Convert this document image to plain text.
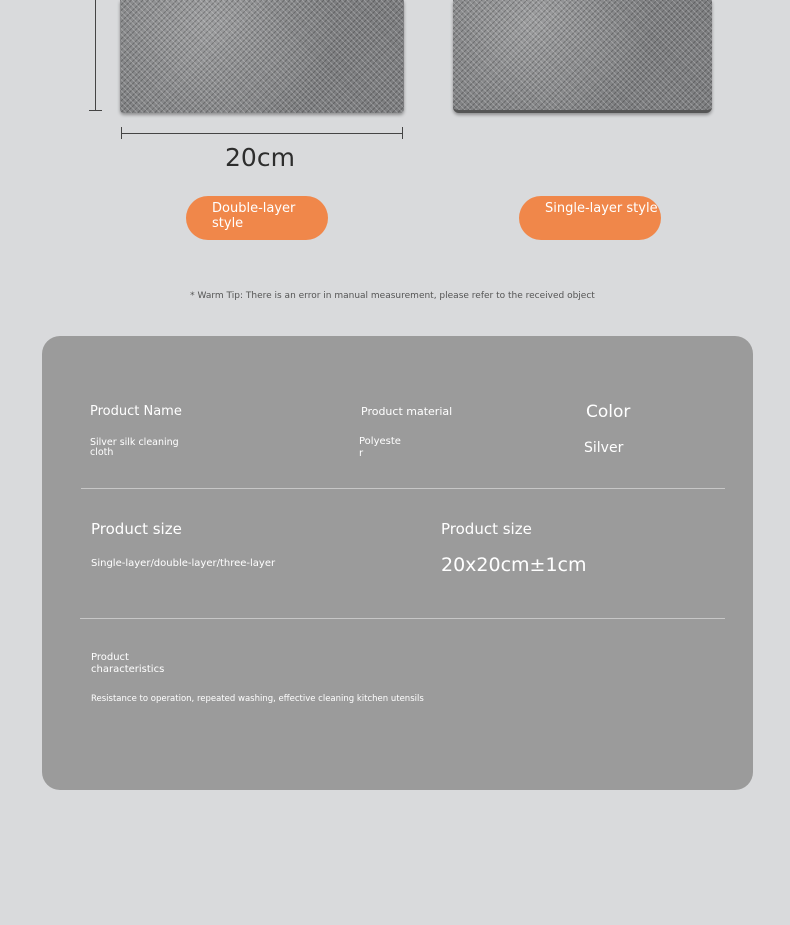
20cm
Double-layer style
Single-layer style
* Warm Tip: There is an error in manual measurement, please refer to the received object
Product Name
Silver silk cleaning cloth
Product material
Polyeste
r
Color
Silver
Product size
Single-layer/double-layer/three-layer
Product size
20x20cm±1cm
Product characteristics
Resistance to operation, repeated washing, effective cleaning kitchen utensils
